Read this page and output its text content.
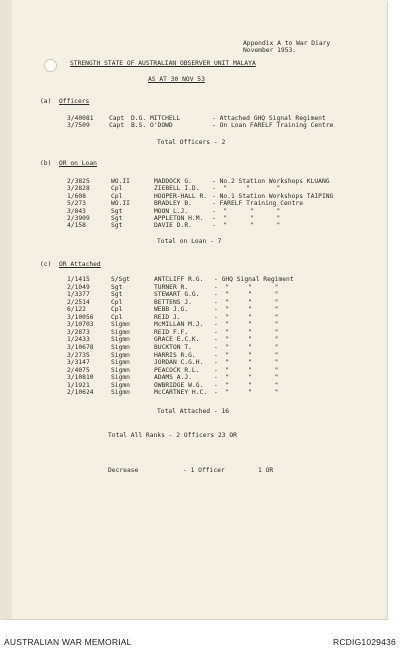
Appendix A to War Diary
November 1953.
STRENGTH STATE OF AUSTRALIAN OBSERVER UNIT MALAYA
AS AT 30 NOV 53
(a) Officers
3/40081 Capt D.G. MITCHELL	- Attached GHQ Signal Regiment
3/7509	Capt B.S. O'DOWD	- On Loan FARELF Training Centre
Total Officers - 2
(b) OR on Loan
2/3825	WO.II	MADDOCK G.	- No.2 Station Workshops KLUANG
3/2828	Cpl	ZIEBELL I.D. -  "     "       "
1/608	Cpl	HOOPER-HALL R. - No.1 Station Workshops TAIPING
5/273	WO.II	BRADLEY B.	- FARELF Training Centre
3/843	Sgt	MOON L.J.	-  "      "      "
2/3909	Sgt	APPLETON H.M. -  "      "      "
4/158	Sgt	DAVIE D.R.	-  "      "      "
Total on Loan - 7
(c) OR Attached
1/1415	S/Sgt	ANTCLIFF R.G. - GHQ Signal Regiment
2/1049	Sgt	TURNER R.	-  "     "      "
1/3377	Sgt	STEWART G.G. -  "     "      "
2/2514	Cpl	BETTENS J.	-  "     "      "
6/122	Cpl	WEBB J.G.	-  "     "      "
3/10056	Cpl	REID J.	-  "     "      "
3/10703	Sigmn	McMILLAN M.J. -  "     "      "
3/2873	Sigmn	REID F.F.	-  "     "      "
1/2433	Sigmn	GRACE E.C.K. -  "     "      "
3/10678	Sigmn	BUCKTON T.	-  "     "      "
3/2735	Sigmn	HARRIS R.G.	-  "     "      "
3/3147	Sigmn	JORDAN C.G.H. -  "     "      "
2/4075	Sigmn	PEACOCK R.L. -  "     "      "
3/10810	Sigmn	ADAMS A.J.	-  "     "      "
1/1921	Sigmn	OWBRIDGE W.G. -  "     "      "
2/10624	Sigmn	McCARTNEY H.C. -  "     "      "
Total Attached - 16
Total All Ranks - 2 Officers 23 OR
Decrease	- 1 Officer	1 OR
AUSTRALIAN WAR MEMORIAL	RCDIG1029436
